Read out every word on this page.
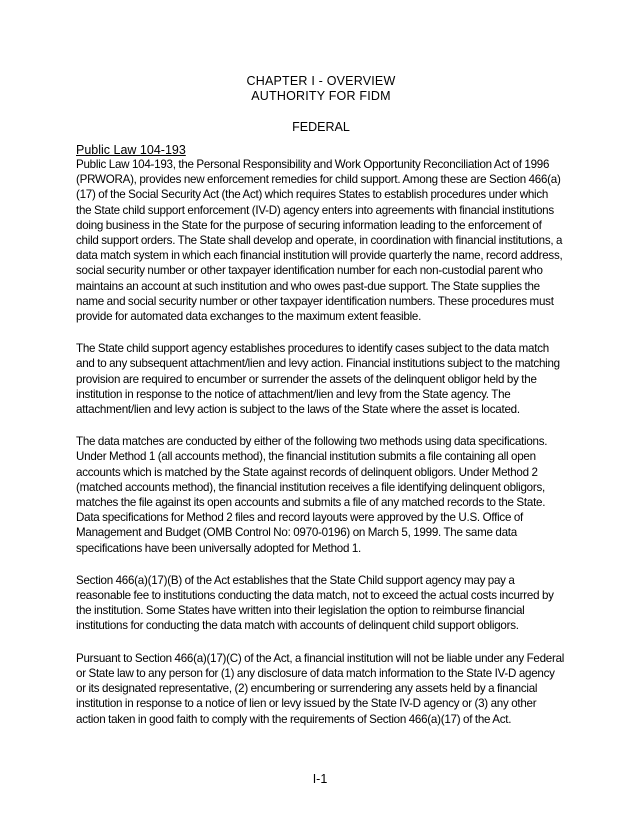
CHAPTER I - OVERVIEW
AUTHORITY FOR FIDM
FEDERAL
Public Law 104-193

Public Law 104-193, the Personal Responsibility and Work Opportunity Reconciliation Act of 1996 (PRWORA), provides new enforcement remedies for child support. Among these are Section 466(a)(17) of the Social Security Act (the Act) which requires States to establish procedures under which the State child support enforcement (IV-D) agency enters into agreements with financial institutions doing business in the State for the purpose of securing information leading to the enforcement of child support orders. The State shall develop and operate, in coordination with financial institutions, a data match system in which each financial institution will provide quarterly the name, record address, social security number or other taxpayer identification number for each non-custodial parent who maintains an account at such institution and who owes past-due support. The State supplies the name and social security number or other taxpayer identification numbers. These procedures must provide for automated data exchanges to the maximum extent feasible.

The State child support agency establishes procedures to identify cases subject to the data match and to any subsequent attachment/lien and levy action. Financial institutions subject to the matching provision are required to encumber or surrender the assets of the delinquent obligor held by the institution in response to the notice of attachment/lien and levy from the State agency. The attachment/lien and levy action is subject to the laws of the State where the asset is located.

The data matches are conducted by either of the following two methods using data specifications. Under Method 1 (all accounts method), the financial institution submits a file containing all open accounts which is matched by the State against records of delinquent obligors. Under Method 2 (matched accounts method), the financial institution receives a file identifying delinquent obligors, matches the file against its open accounts and submits a file of any matched records to the State. Data specifications for Method 2 files and record layouts were approved by the U.S. Office of Management and Budget (OMB Control No: 0970-0196) on March 5, 1999. The same data specifications have been universally adopted for Method 1.

Section 466(a)(17)(B) of the Act establishes that the State Child support agency may pay a reasonable fee to institutions conducting the data match, not to exceed the actual costs incurred by the institution. Some States have written into their legislation the option to reimburse financial institutions for conducting the data match with accounts of delinquent child support obligors.

Pursuant to Section 466(a)(17)(C) of the Act, a financial institution will not be liable under any Federal or State law to any person for (1) any disclosure of data match information to the State IV-D agency or its designated representative, (2) encumbering or surrendering any assets held by a financial institution in response to a notice of lien or levy issued by the State IV-D agency or (3) any other action taken in good faith to comply with the requirements of Section 466(a)(17) of the Act.

I-1
